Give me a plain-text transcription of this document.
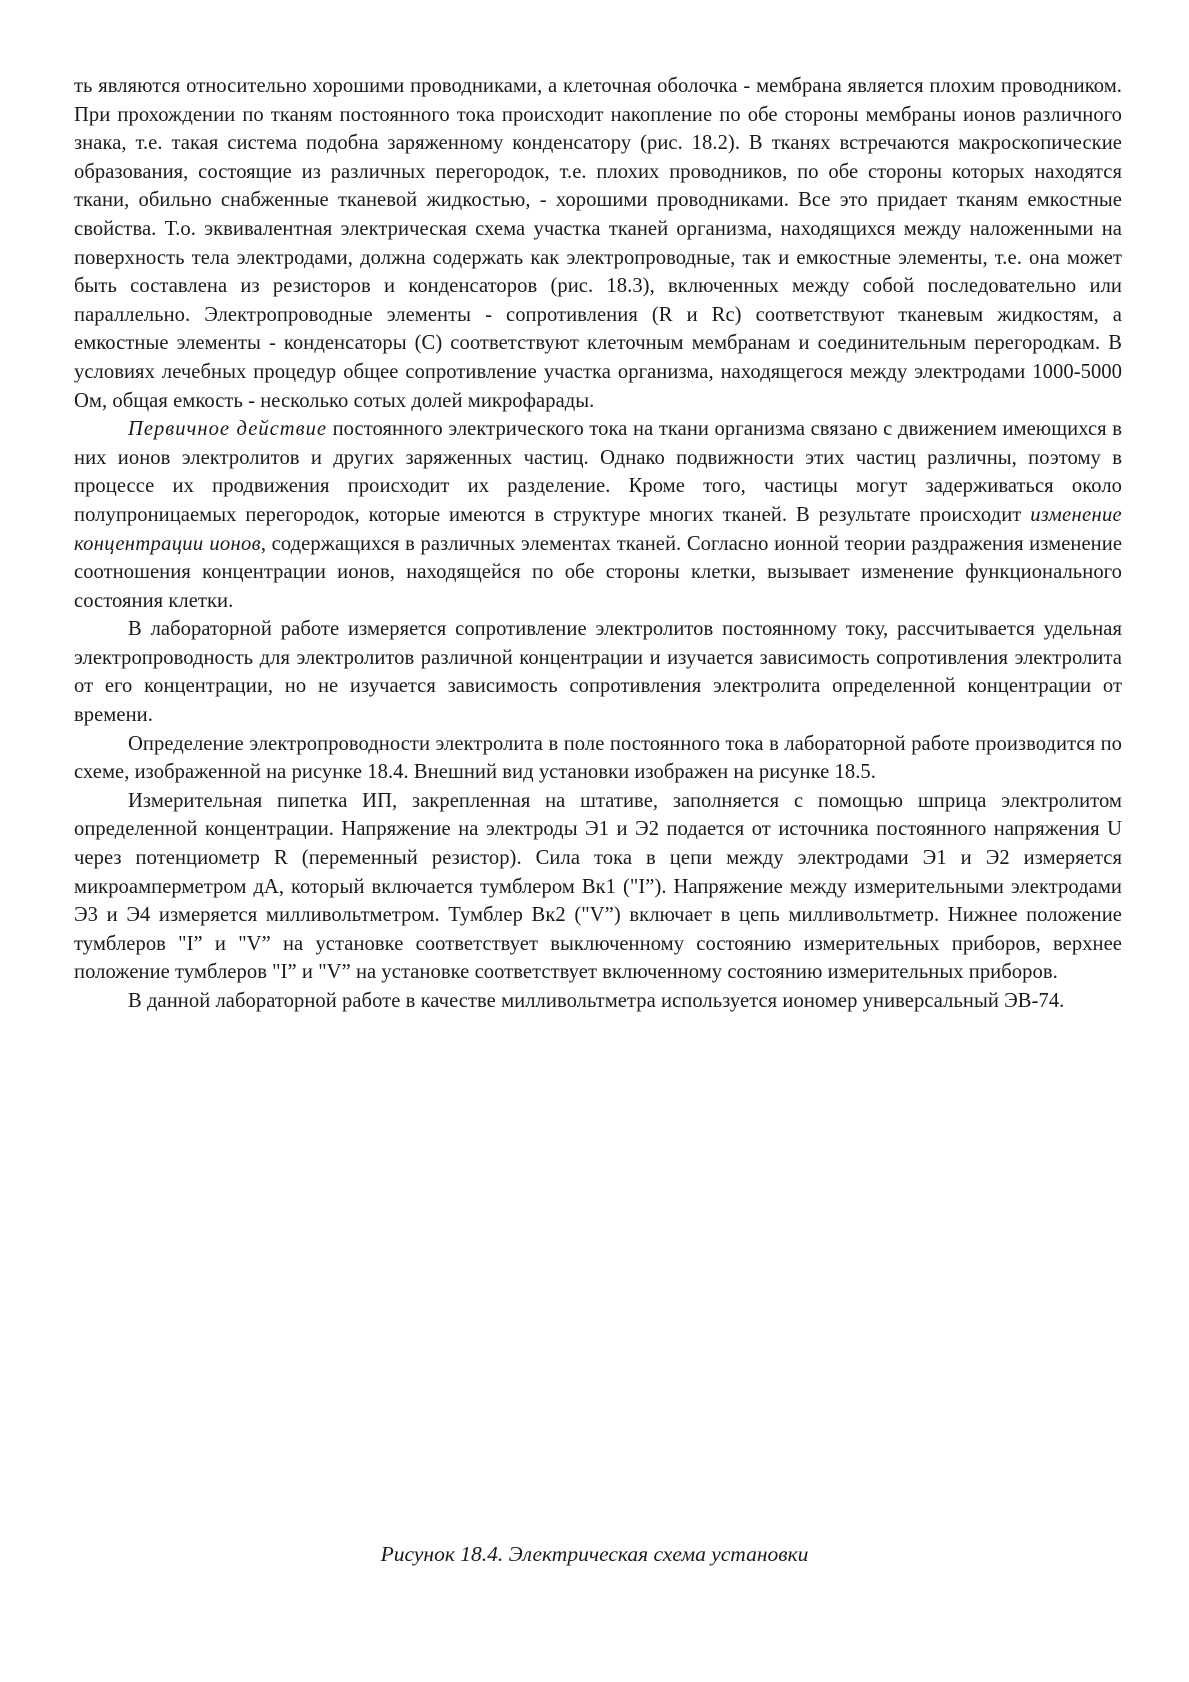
ть являются относительно хорошими проводниками, а клеточная оболочка - мембрана является плохим проводником. При прохождении по тканям постоянного тока происходит накопление по обе стороны мембраны ионов различного знака, т.е. такая система подобна заряженному конденсатору (рис. 18.2). В тканях встречаются макроскопические образования, состоящие из различных перегородок, т.е. плохих проводников, по обе стороны которых находятся ткани, обильно снабженные тканевой жидкостью, - хорошими проводниками. Все это придает тканям емкостные свойства. Т.о. эквивалентная электрическая схема участка тканей организма, находящихся между наложенными на поверхность тела электродами, должна содержать как электропроводные, так и емкостные элементы, т.е. она может быть составлена из резисторов и конденсаторов (рис. 18.3), включенных между собой последовательно или параллельно. Электропроводные элементы - сопротивления (R и Rc) соответствуют тканевым жидкостям, а емкостные элементы - конденсаторы (C) соответствуют клеточным мембранам и соединительным перегородкам. В условиях лечебных процедур общее сопротивление участка организма, находящегося между электродами 1000-5000 Ом, общая емкость - несколько сотых долей микрофарады.

Первичное действие постоянного электрического тока на ткани организма связано с движением имеющихся в них ионов электролитов и других заряженных частиц. Однако подвижности этих частиц различны, поэтому в процессе их продвижения происходит их разделение. Кроме того, частицы могут задерживаться около полупроницаемых перегородок, которые имеются в структуре многих тканей. В результате происходит изменение концентрации ионов, содержащихся в различных элементах тканей. Согласно ионной теории раздражения изменение соотношения концентрации ионов, находящейся по обе стороны клетки, вызывает изменение функционального состояния клетки.

В лабораторной работе измеряется сопротивление электролитов постоянному току, рассчитывается удельная электропроводность для электролитов различной концентрации и изучается зависимость сопротивления электролита от его концентрации, но не изучается зависимость сопротивления электролита определенной концентрации от времени.

Определение электропроводности электролита в поле постоянного тока в лабораторной работе производится по схеме, изображенной на рисунке 18.4. Внешний вид установки изображен на рисунке 18.5.

Измерительная пипетка ИП, закрепленная на штативе, заполняется с помощью шприца электролитом определенной концентрации. Напряжение на электроды Э1 и Э2 подается от источника постоянного напряжения U через потенциометр R (переменный резистор). Сила тока в цепи между электродами Э1 и Э2 измеряется микроамперметром дА, который включается тумблером Вк1 ("I”). Напряжение между измерительными электродами Э3 и Э4 измеряется милливольтметром. Тумблер Вк2 ("V”) включает в цепь милливольтметр. Нижнее положение тумблеров "I” и "V” на установке соответствует выключенному состоянию измерительных приборов, верхнее положение тумблеров "I” и "V” на установке соответствует включенному состоянию измерительных приборов.

В данной лабораторной работе в качестве милливольтметра используется иономер универсальный ЭВ-74.

Рисунок 18.4. Электрическая схема установки
